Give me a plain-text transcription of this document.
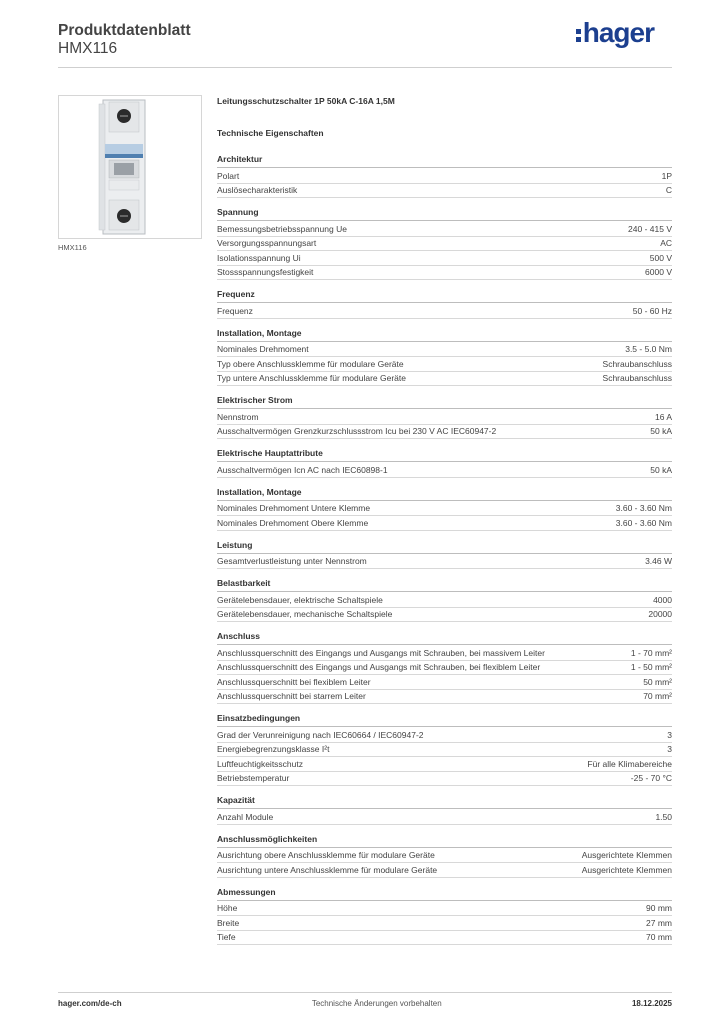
Produktdatenblatt
HMX116
hager
HMX116
Leitungsschutzschalter 1P 50kA C-16A 1,5M
Technische Eigenschaften
Architektur
Polart	1P
Auslösecharakteristik	C
Spannung
Bemessungsbetriebsspannung Ue	240 - 415 V
Versorgungsspannungsart	AC
Isolationsspannung Ui	500 V
Stossspannungsfestigkeit	6000 V
Frequenz
Frequenz	50 - 60 Hz
Installation, Montage
Nominales Drehmoment	3.5 - 5.0 Nm
Typ obere Anschlussklemme für modulare Geräte	Schraubanschluss
Typ untere Anschlussklemme für modulare Geräte	Schraubanschluss
Elektrischer Strom
Nennstrom	16 A
Ausschaltvermögen Grenzkurzschlussstrom Icu bei 230 V AC IEC60947-2	50 kA
Elektrische Hauptattribute
Ausschaltvermögen Icn AC nach IEC60898-1	50 kA
Installation, Montage
Nominales Drehmoment Untere Klemme	3.60 - 3.60 Nm
Nominales Drehmoment Obere Klemme	3.60 - 3.60 Nm
Leistung
Gesamtverlustleistung unter Nennstrom	3.46 W
Belastbarkeit
Gerätelebensdauer, elektrische Schaltspiele	4000
Gerätelebensdauer, mechanische Schaltspiele	20000
Anschluss
Anschlussquerschnitt des Eingangs und Ausgangs mit Schrauben, bei massivem Leiter	1 - 70 mm²
Anschlussquerschnitt des Eingangs und Ausgangs mit Schrauben, bei flexiblem Leiter	1 - 50 mm²
Anschlussquerschnitt bei flexiblem Leiter	50 mm²
Anschlussquerschnitt bei starrem Leiter	70 mm²
Einsatzbedingungen
Grad der Verunreinigung nach IEC60664 / IEC60947-2	3
Energiebegrenzungsklasse I²t	3
Luftfeuchtigkeitsschutz	Für alle Klimabereiche
Betriebstemperatur	-25 - 70 °C
Kapazität
Anzahl Module	1.50
Anschlussmöglichkeiten
Ausrichtung obere Anschlussklemme für modulare Geräte	Ausgerichtete Klemmen
Ausrichtung untere Anschlussklemme für modulare Geräte	Ausgerichtete Klemmen
Abmessungen
Höhe	90 mm
Breite	27 mm
Tiefe	70 mm
hager.com/de-ch	Technische Änderungen vorbehalten	18.12.2025
